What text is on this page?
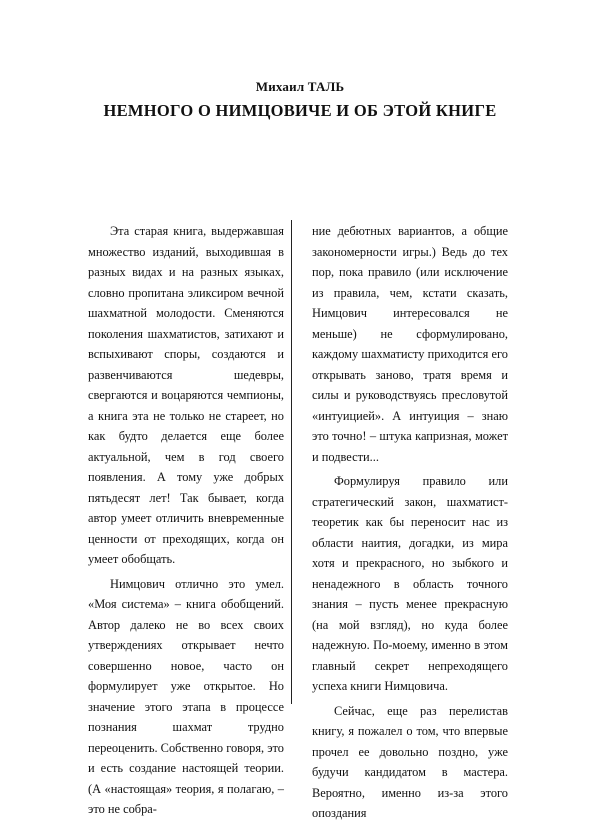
Михаил ТАЛЬ
НЕМНОГО О НИМЦОВИЧЕ И ОБ ЭТОЙ КНИГЕ

Эта старая книга, выдержавшая множество изданий, выходившая в разных видах и на разных языках, словно пропитана эликсиром вечной шахматной молодости. Сменяются поколения шахматистов, затихают и вспыхивают споры, создаются и развенчиваются шедевры, свергаются и воцаряются чемпионы, а книга эта не только не стареет, но как будто делается еще более актуальной, чем в год своего появления. А тому уже добрых пятьдесят лет! Так бывает, когда автор умеет отличить вневременные ценности от преходящих, когда он умеет обобщать.

Нимцович отлично это умел. «Моя система» – книга обобщений. Автор далеко не во всех своих утверждениях открывает нечто совершенно новое, часто он формулирует уже открытое. Но значение этого этапа в процессе познания шахмат трудно переоценить. Собственно говоря, это и есть создание настоящей теории. (А «настоящая» теория, я полагаю, – это не собра-

ние дебютных вариантов, а общие закономерности игры.) Ведь до тех пор, пока правило (или исключение из правила, чем, кстати сказать, Нимцович интересовался не меньше) не сформулировано, каждому шахматисту приходится его открывать заново, тратя время и силы и руководствуясь пресловутой «интуицией». А интуиция – знаю это точно! – штука капризная, может и подвести...

Формулируя правило или стратегический закон, шахматист-теоретик как бы переносит нас из области наития, догадки, из мира хотя и прекрасного, но зыбкого и ненадежного в область точного знания – пусть менее прекрасную (на мой взгляд), но куда более надежную. По-моему, именно в этом главный секрет непреходящего успеха книги Нимцовича.

Сейчас, еще раз перелистав книгу, я пожалел о том, что впервые прочел ее довольно поздно, уже будучи кандидатом в мастера. Вероятно, именно из-за этого опоздания
